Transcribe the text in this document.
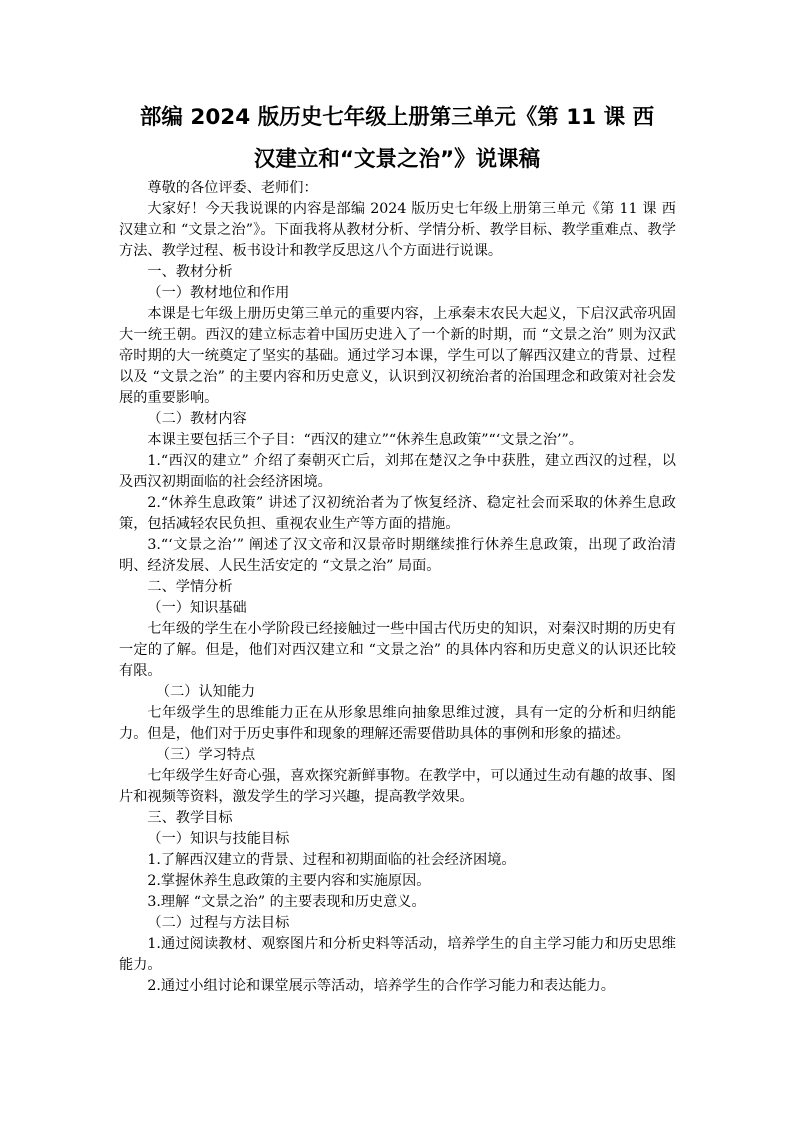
部编 2024 版历史七年级上册第三单元《第 11 课 西
汉建立和“文景之治”》说课稿

尊敬的各位评委、老师们：

大家好！今天我说课的内容是部编 2024 版历史七年级上册第三单元《第 11 课 西汉建立和 “文景之治”》。下面我将从教材分析、学情分析、教学目标、教学重难点、教学方法、教学过程、板书设计和教学反思这八个方面进行说课。

一、教材分析

（一）教材地位和作用

本课是七年级上册历史第三单元的重要内容，上承秦末农民大起义，下启汉武帝巩固大一统王朝。西汉的建立标志着中国历史进入了一个新的时期，而 “文景之治” 则为汉武帝时期的大一统奠定了坚实的基础。通过学习本课，学生可以了解西汉建立的背景、过程以及 “文景之治” 的主要内容和历史意义，认识到汉初统治者的治国理念和政策对社会发展的重要影响。

（二）教材内容

本课主要包括三个子目：“西汉的建立”“休养生息政策”“‘文景之治’”。

1.“西汉的建立” 介绍了秦朝灭亡后，刘邦在楚汉之争中获胜，建立西汉的过程，以及西汉初期面临的社会经济困境。

2.“休养生息政策” 讲述了汉初统治者为了恢复经济、稳定社会而采取的休养生息政策，包括减轻农民负担、重视农业生产等方面的措施。

3.“‘文景之治’” 阐述了汉文帝和汉景帝时期继续推行休养生息政策，出现了政治清明、经济发展、人民生活安定的 “文景之治” 局面。

二、学情分析

（一）知识基础

七年级的学生在小学阶段已经接触过一些中国古代历史的知识，对秦汉时期的历史有一定的了解。但是，他们对西汉建立和 “文景之治” 的具体内容和历史意义的认识还比较有限。

（二）认知能力

七年级学生的思维能力正在从形象思维向抽象思维过渡，具有一定的分析和归纳能力。但是，他们对于历史事件和现象的理解还需要借助具体的事例和形象的描述。

（三）学习特点

七年级学生好奇心强，喜欢探究新鲜事物。在教学中，可以通过生动有趣的故事、图片和视频等资料，激发学生的学习兴趣，提高教学效果。

三、教学目标

（一）知识与技能目标

1.了解西汉建立的背景、过程和初期面临的社会经济困境。

2.掌握休养生息政策的主要内容和实施原因。

3.理解 “文景之治” 的主要表现和历史意义。

（二）过程与方法目标

1.通过阅读教材、观察图片和分析史料等活动，培养学生的自主学习能力和历史思维能力。

2.通过小组讨论和课堂展示等活动，培养学生的合作学习能力和表达能力。
